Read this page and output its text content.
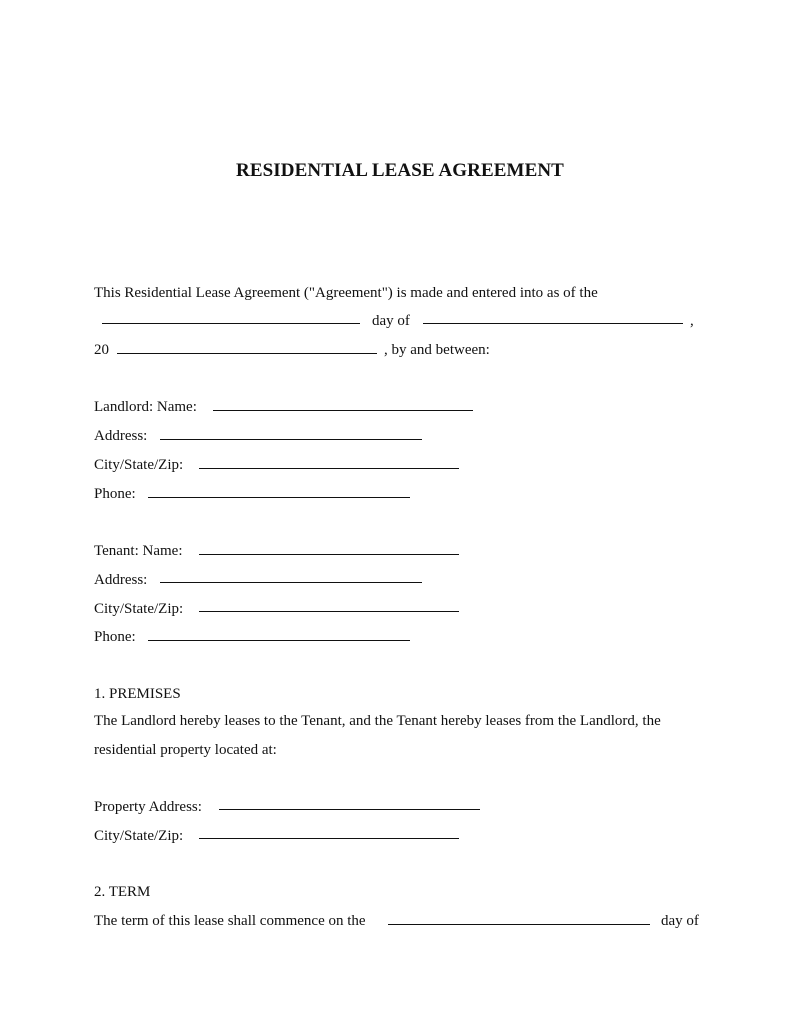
RESIDENTIAL LEASE AGREEMENT
This Residential Lease Agreement ("Agreement") is made and entered into as of the
day of	,
20	, by and between:
Landlord: Name:
Address:
City/State/Zip:
Phone:
Tenant: Name:
Address:
City/State/Zip:
Phone:
1. PREMISES
The Landlord hereby leases to the Tenant, and the Tenant hereby leases from the Landlord, the
residential property located at:
Property Address:
City/State/Zip:
2. TERM
The term of this lease shall commence on the	day of
